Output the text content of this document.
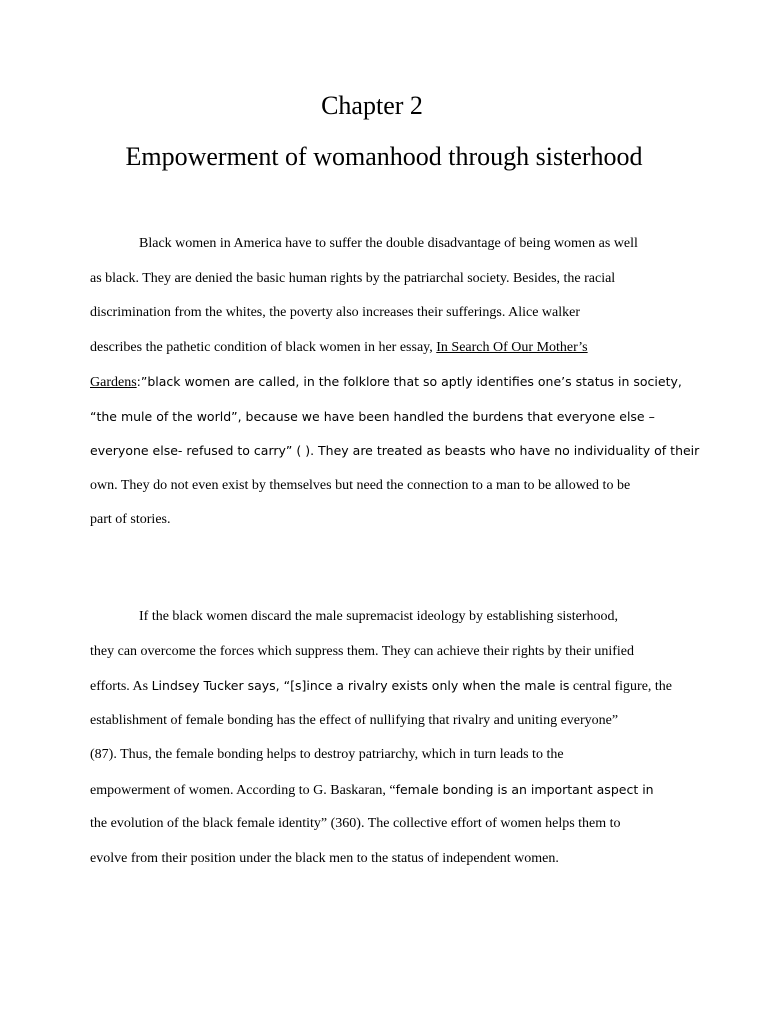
Chapter 2
Empowerment of womanhood through sisterhood
Black women in America have to suffer the double disadvantage of being women as well
as black. They are denied the basic human rights by the patriarchal society. Besides, the racial
discrimination from the whites, the poverty also increases their sufferings. Alice walker
describes the pathetic condition of black women in her essay, In Search Of Our Mother’s
Gardens:”black women are called, in the folklore that so aptly identifies one’s status in society,
“the mule of the world”, because we have been handled the burdens that everyone else –
everyone else- refused to carry” ( ). They are treated as beasts who have no individuality of their
own. They do not even exist by themselves but need the connection to a man to be allowed to be
part of stories.
If the black women discard the male supremacist ideology by establishing sisterhood,
they can overcome the forces which suppress them. They can achieve their rights by their unified
efforts. As Lindsey Tucker says, “[s]ince a rivalry exists only when the male is central figure, the
establishment of female bonding has the effect of nullifying that rivalry and uniting everyone”
(87). Thus, the female bonding helps to destroy patriarchy, which in turn leads to the
empowerment of women. According to G. Baskaran, “female bonding is an important aspect in
the evolution of the black female identity” (360). The collective effort of women helps them to
evolve from their position under the black men to the status of independent women.
